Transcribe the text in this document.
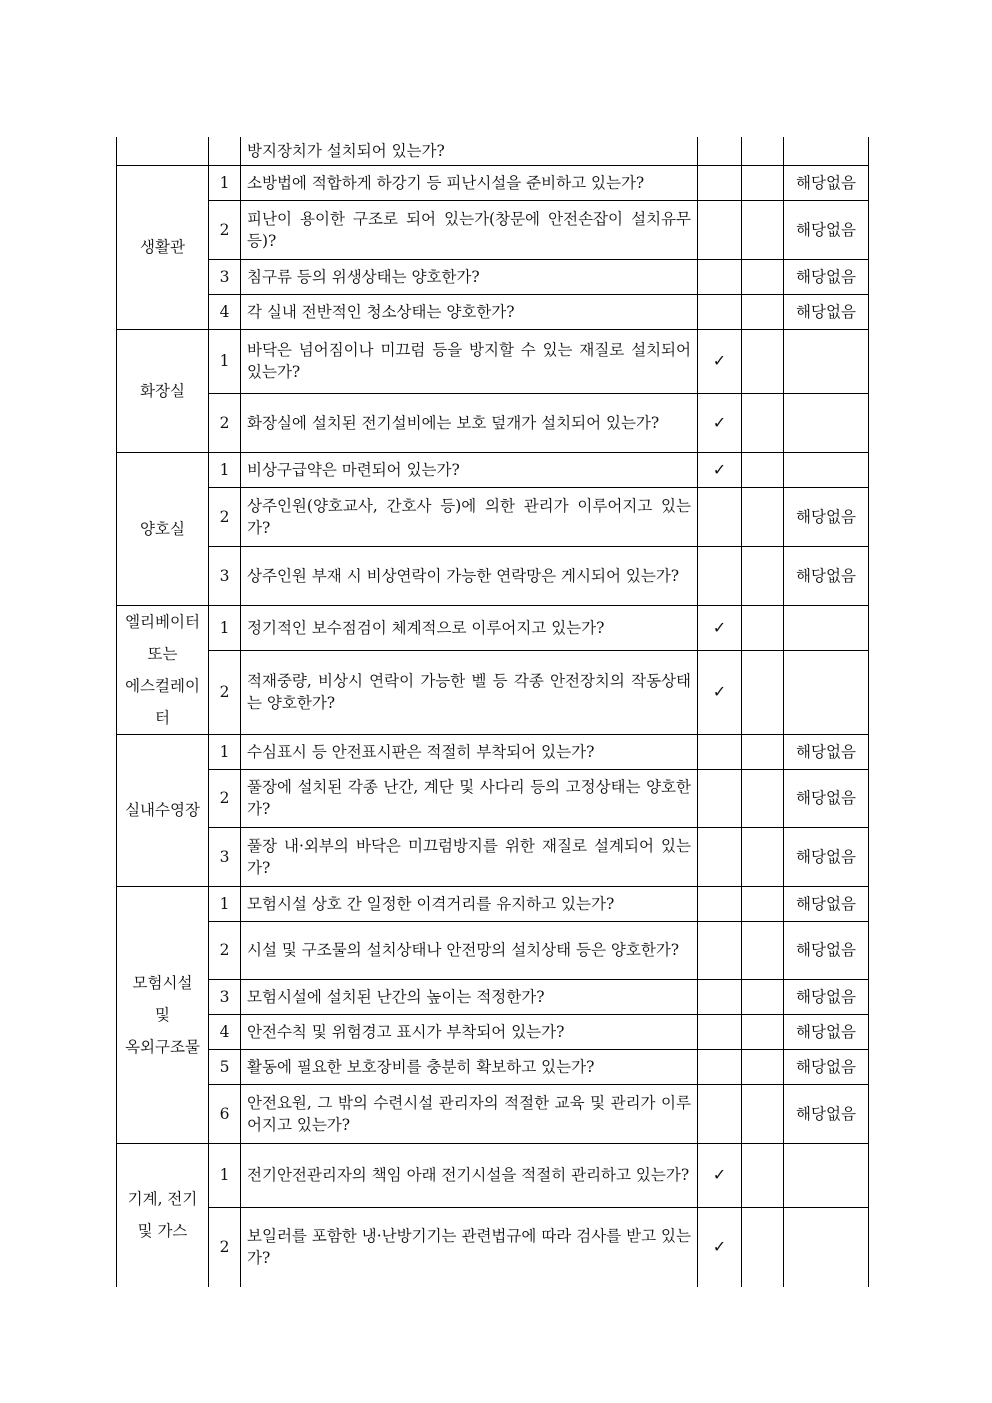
		방지장치가 설치되어 있는가?			

생활관	1	소방법에 적합하게 하강기 등 피난시설을 준비하고 있는가?			해당없음
	2	피난이 용이한 구조로 되어 있는가(창문에 안전손잡이 설치유무 등)?			해당없음
	3	침구류 등의 위생상태는 양호한가?			해당없음
	4	각 실내 전반적인 청소상태는 양호한가?			해당없음

화장실	1	바닥은 넘어짐이나 미끄럼 등을 방지할 수 있는 재질로 설치되어 있는가?	✓		
	2	화장실에 설치된 전기설비에는 보호 덮개가 설치되어 있는가?	✓		

양호실	1	비상구급약은 마련되어 있는가?	✓		
	2	상주인원(양호교사, 간호사 등)에 의한 관리가 이루어지고 있는가?			해당없음
	3	상주인원 부재 시 비상연락이 가능한 연락망은 게시되어 있는가?			해당없음

엘리베이터
또는
에스컬레이터	1	정기적인 보수점검이 체계적으로 이루어지고 있는가?	✓		
	2	적재중량, 비상시 연락이 가능한 벨 등 각종 안전장치의 작동상태는 양호한가?	✓		

실내수영장	1	수심표시 등 안전표시판은 적절히 부착되어 있는가?			해당없음
	2	풀장에 설치된 각종 난간, 계단 및 사다리 등의 고정상태는 양호한가?			해당없음
	3	풀장 내·외부의 바닥은 미끄럼방지를 위한 재질로 설계되어 있는가?			해당없음

모험시설
및
옥외구조물	1	모험시설 상호 간 일정한 이격거리를 유지하고 있는가?			해당없음
	2	시설 및 구조물의 설치상태나 안전망의 설치상태 등은 양호한가?			해당없음
	3	모험시설에 설치된 난간의 높이는 적정한가?			해당없음
	4	안전수칙 및 위험경고 표시가 부착되어 있는가?			해당없음
	5	활동에 필요한 보호장비를 충분히 확보하고 있는가?			해당없음
	6	안전요원, 그 밖의 수련시설 관리자의 적절한 교육 및 관리가 이루어지고 있는가?			해당없음

기계, 전기
및 가스	1	전기안전관리자의 책임 아래 전기시설을 적절히 관리하고 있는가?	✓		
	2	보일러를 포함한 냉·난방기기는 관련법규에 따라 검사를 받고 있는가?	✓		
